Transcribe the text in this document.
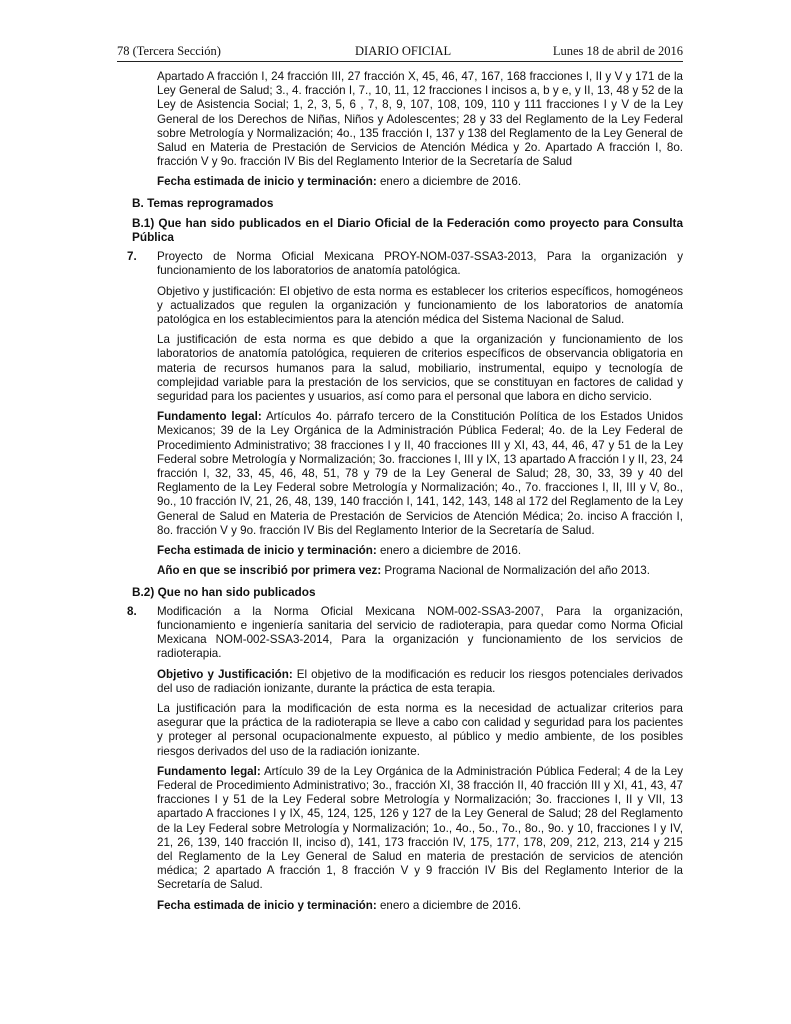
78 (Tercera Sección)	DIARIO OFICIAL	Lunes 18 de abril de 2016

Apartado A fracción I, 24 fracción III, 27 fracción X, 45, 46, 47, 167, 168 fracciones I, II y V y 171 de la Ley General de Salud; 3., 4. fracción I, 7., 10, 11, 12 fracciones I incisos a, b y e, y II, 13, 48 y 52 de la Ley de Asistencia Social; 1, 2, 3, 5, 6 , 7, 8, 9, 107, 108, 109, 110 y 111 fracciones I y V de la Ley General de los Derechos de Niñas, Niños y Adolescentes; 28 y 33 del Reglamento de la Ley Federal sobre Metrología y Normalización; 4o., 135 fracción I, 137 y 138 del Reglamento de la Ley General de Salud en Materia de Prestación de Servicios de Atención Médica y 2o. Apartado A fracción I, 8o. fracción V y 9o. fracción IV Bis del Reglamento Interior de la Secretaría de Salud

Fecha estimada de inicio y terminación: enero a diciembre de 2016.

B. Temas reprogramados

B.1) Que han sido publicados en el Diario Oficial de la Federación como proyecto para Consulta Pública

7. Proyecto de Norma Oficial Mexicana PROY-NOM-037-SSA3-2013, Para la organización y funcionamiento de los laboratorios de anatomía patológica.

Objetivo y justificación: El objetivo de esta norma es establecer los criterios específicos, homogéneos y actualizados que regulen la organización y funcionamiento de los laboratorios de anatomía patológica en los establecimientos para la atención médica del Sistema Nacional de Salud.

La justificación de esta norma es que debido a que la organización y funcionamiento de los laboratorios de anatomía patológica, requieren de criterios específicos de observancia obligatoria en materia de recursos humanos para la salud, mobiliario, instrumental, equipo y tecnología de complejidad variable para la prestación de los servicios, que se constituyan en factores de calidad y seguridad para los pacientes y usuarios, así como para el personal que labora en dicho servicio.

Fundamento legal: Artículos 4o. párrafo tercero de la Constitución Política de los Estados Unidos Mexicanos; 39 de la Ley Orgánica de la Administración Pública Federal; 4o. de la Ley Federal de Procedimiento Administrativo; 38 fracciones I y II, 40 fracciones III y XI, 43, 44, 46, 47 y 51 de la Ley Federal sobre Metrología y Normalización; 3o. fracciones I, III y IX, 13 apartado A fracción I y II, 23, 24 fracción I, 32, 33, 45, 46, 48, 51, 78 y 79 de la Ley General de Salud; 28, 30, 33, 39 y 40 del Reglamento de la Ley Federal sobre Metrología y Normalización; 4o., 7o. fracciones I, II, III y V, 8o., 9o., 10 fracción IV, 21, 26, 48, 139, 140 fracción I, 141, 142, 143, 148 al 172 del Reglamento de la Ley General de Salud en Materia de Prestación de Servicios de Atención Médica; 2o. inciso A fracción I, 8o. fracción V y 9o. fracción IV Bis del Reglamento Interior de la Secretaría de Salud.

Fecha estimada de inicio y terminación: enero a diciembre de 2016.

Año en que se inscribió por primera vez: Programa Nacional de Normalización del año 2013.

B.2) Que no han sido publicados

8. Modificación a la Norma Oficial Mexicana NOM-002-SSA3-2007, Para la organización, funcionamiento e ingeniería sanitaria del servicio de radioterapia, para quedar como Norma Oficial Mexicana NOM-002-SSA3-2014, Para la organización y funcionamiento de los servicios de radioterapia.

Objetivo y Justificación: El objetivo de la modificación es reducir los riesgos potenciales derivados del uso de radiación ionizante, durante la práctica de esta terapia.

La justificación para la modificación de esta norma es la necesidad de actualizar criterios para asegurar que la práctica de la radioterapia se lleve a cabo con calidad y seguridad para los pacientes y proteger al personal ocupacionalmente expuesto, al público y medio ambiente, de los posibles riesgos derivados del uso de la radiación ionizante.

Fundamento legal: Artículo 39 de la Ley Orgánica de la Administración Pública Federal; 4 de la Ley Federal de Procedimiento Administrativo; 3o., fracción XI, 38 fracción II, 40 fracción III y XI, 41, 43, 47 fracciones I y 51 de la Ley Federal sobre Metrología y Normalización; 3o. fracciones I, II y VII, 13 apartado A fracciones I y IX, 45, 124, 125, 126 y 127 de la Ley General de Salud; 28 del Reglamento de la Ley Federal sobre Metrología y Normalización; 1o., 4o., 5o., 7o., 8o., 9o. y 10, fracciones I y IV, 21, 26, 139, 140 fracción II, inciso d), 141, 173 fracción IV, 175, 177, 178, 209, 212, 213, 214 y 215 del Reglamento de la Ley General de Salud en materia de prestación de servicios de atención médica; 2 apartado A fracción 1, 8 fracción V y 9 fracción IV Bis del Reglamento Interior de la Secretaría de Salud.

Fecha estimada de inicio y terminación: enero a diciembre de 2016.
